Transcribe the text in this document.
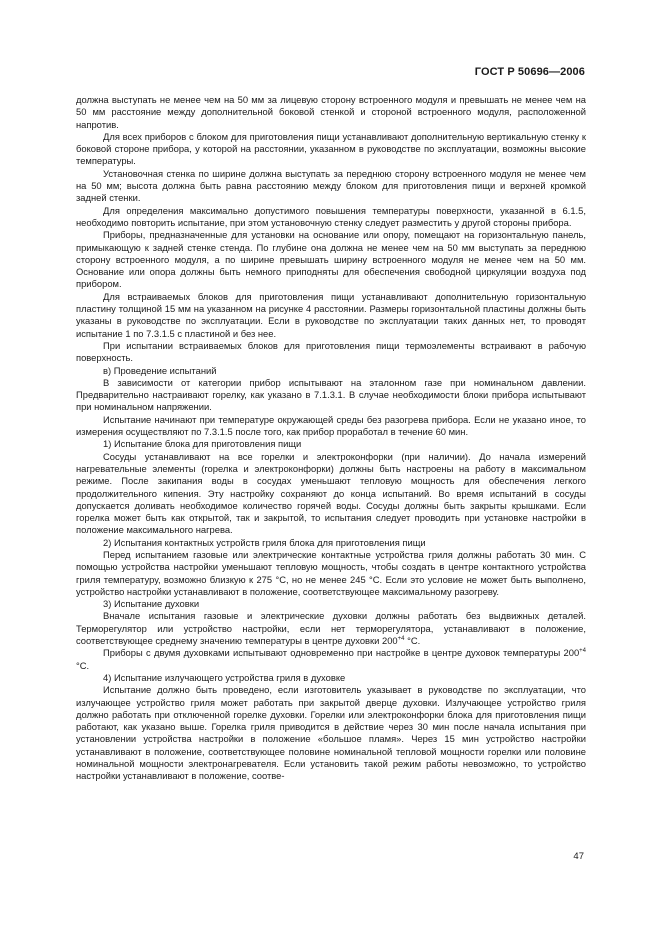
ГОСТ Р 50696—2006

должна выступать не менее чем на 50 мм за лицевую сторону встроенного модуля и превышать не менее чем на 50 мм расстояние между дополнительной боковой стенкой и стороной встроенного модуля, расположенной напротив.

Для всех приборов с блоком для приготовления пищи устанавливают дополнительную вертикальную стенку к боковой стороне прибора, у которой на расстоянии, указанном в руководстве по эксплуатации, возможны высокие температуры.

Установочная стенка по ширине должна выступать за переднюю сторону встроенного модуля не менее чем на 50 мм; высота должна быть равна расстоянию между блоком для приготовления пищи и верхней кромкой задней стенки.

Для определения максимально допустимого повышения температуры поверхности, указанной в 6.1.5, необходимо повторить испытание, при этом установочную стенку следует разместить у другой стороны прибора.

Приборы, предназначенные для установки на основание или опору, помещают на горизонтальную панель, примыкающую к задней стенке стенда. По глубине она должна не менее чем на 50 мм выступать за переднюю сторону встроенного модуля, а по ширине превышать ширину встроенного модуля не менее чем на 50 мм. Основание или опора должны быть немного приподняты для обеспечения свободной циркуляции воздуха под прибором.

Для встраиваемых блоков для приготовления пищи устанавливают дополнительную горизонтальную пластину толщиной 15 мм на указанном на рисунке 4 расстоянии. Размеры горизонтальной пластины должны быть указаны в руководстве по эксплуатации. Если в руководстве по эксплуатации таких данных нет, то проводят испытание 1 по 7.3.1.5 с пластиной и без нее.

При испытании встраиваемых блоков для приготовления пищи термоэлементы встраивают в рабочую поверхность.

в) Проведение испытаний

В зависимости от категории прибор испытывают на эталонном газе при номинальном давлении. Предварительно настраивают горелку, как указано в 7.1.3.1. В случае необходимости блоки прибора испытывают при номинальном напряжении.

Испытание начинают при температуре окружающей среды без разогрева прибора. Если не указано иное, то измерения осуществляют по 7.3.1.5 после того, как прибор проработал в течение 60 мин.

1) Испытание блока для приготовления пищи

Сосуды устанавливают на все горелки и электроконфорки (при наличии). До начала измерений нагревательные элементы (горелка и электроконфорки) должны быть настроены на работу в максимальном режиме. После закипания воды в сосудах уменьшают тепловую мощность для обеспечения легкого продолжительного кипения. Эту настройку сохраняют до конца испытаний. Во время испытаний в сосуды допускается доливать необходимое количество горячей воды. Сосуды должны быть закрыты крышками. Если горелка может быть как открытой, так и закрытой, то испытания следует проводить при установке настройки в положение максимального нагрева.

2) Испытания контактных устройств гриля блока для приготовления пищи

Перед испытанием газовые или электрические контактные устройства гриля должны работать 30 мин. С помощью устройства настройки уменьшают тепловую мощность, чтобы создать в центре контактного устройства гриля температуру, возможно близкую к 275 °С, но не менее 245 °С. Если это условие не может быть выполнено, устройство настройки устанавливают в положение, соответствующее максимальному разогреву.

3) Испытание духовки

Вначале испытания газовые и электрические духовки должны работать без выдвижных деталей. Терморегулятор или устройство настройки, если нет терморегулятора, устанавливают в положение, соответствующее среднему значению температуры в центре духовки $200^{+4}$ °С.

Приборы с двумя духовками испытывают одновременно при настройке в центре духовок температуры $200^{+4}$ °С.

4) Испытание излучающего устройства гриля в духовке

Испытание должно быть проведено, если изготовитель указывает в руководстве по эксплуатации, что излучающее устройство гриля может работать при закрытой дверце духовки. Излучающее устройство гриля должно работать при отключенной горелке духовки. Горелки или электроконфорки блока для приготовления пищи работают, как указано выше. Горелка гриля приводится в действие через 30 мин после начала испытания при установлении устройства настройки в положение «большое пламя». Через 15 мин устройство настройки устанавливают в положение, соответствующее половине номинальной тепловой мощности горелки или половине номинальной мощности электронагревателя. Если установить такой режим работы невозможно, то устройство настройки устанавливают в положение, соотве-

47
